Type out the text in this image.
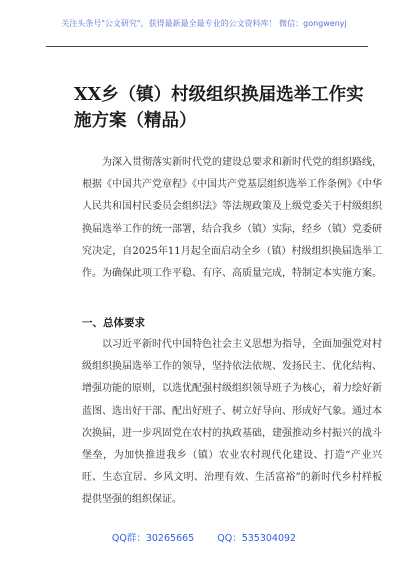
关注头条号"公文研究"，获得最新最全最专业的公文资料库！ 微信：gongwenyj
XX乡（镇）村级组织换届选举工作实施方案（精品）
为深入贯彻落实新时代党的建设总要求和新时代党的组织路线，根据《中国共产党章程》《中国共产党基层组织选举工作条例》《中华人民共和国村民委员会组织法》等法规政策及上级党委关于村级组织换届选举工作的统一部署，结合我乡（镇）实际，经乡（镇）党委研究决定，自2025年11月起全面启动全乡（镇）村级组织换届选举工作。为确保此项工作平稳、有序、高质量完成，特制定本实施方案。
一、总体要求
以习近平新时代中国特色社会主义思想为指导，全面加强党对村级组织换届选举工作的领导，坚持依法依规、发扬民主、优化结构、增强功能的原则，以选优配强村级组织领导班子为核心，着力绘好新蓝图、选出好干部、配出好班子、树立好导向、形成好气象。通过本次换届，进一步巩固党在农村的执政基础，建强推动乡村振兴的战斗堡垒，为加快推进我乡（镇）农业农村现代化建设、打造“产业兴旺、生态宜居、乡风文明、治理有效、生活富裕”的新时代乡村样板提供坚强的组织保证。
QQ群：30265665 QQ：535304092
